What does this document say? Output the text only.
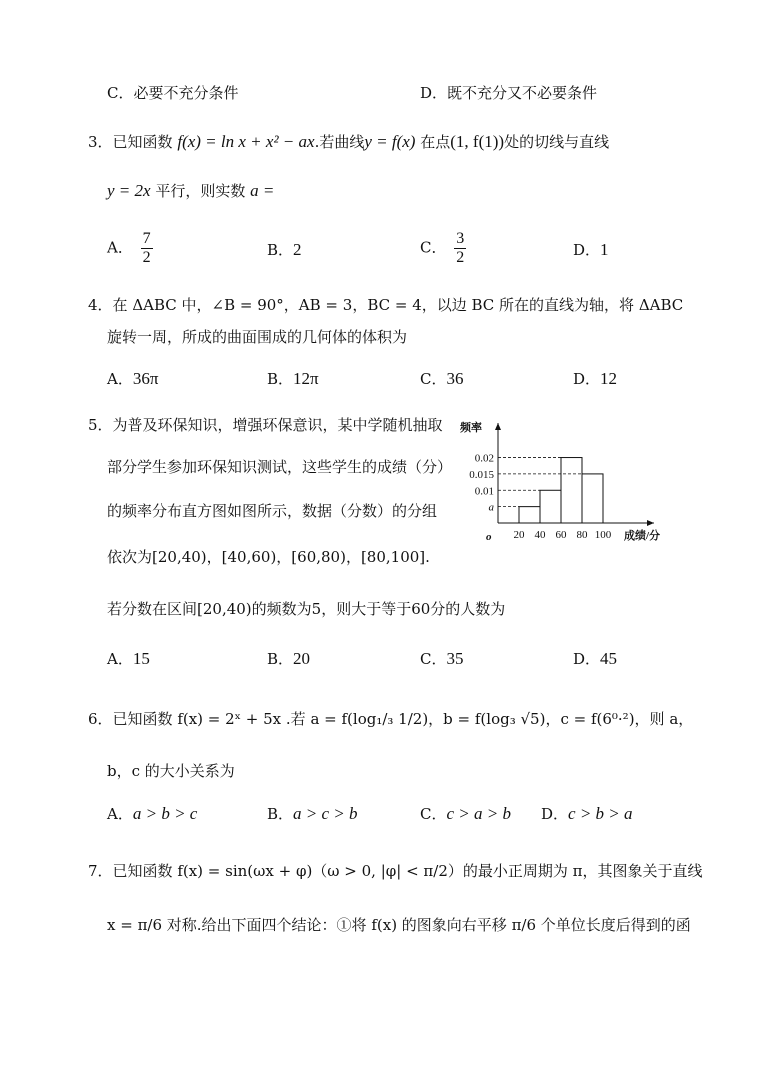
C．必要不充分条件	D．既不充分又不必要条件
3．已知函数 f(x) = ln x + x² − ax.若曲线y = f(x) 在点(1, f(1))处的切线与直线
y = 2x 平行，则实数 a =
A． $\frac{7}{2}$	B．2	C． $\frac{3}{2}$	D．1
4．在 ΔABC 中，∠B = 90°，AB = 3，BC = 4，以边 BC 所在的直线为轴，将 ΔABC
旋转一周，所成的曲面围成的几何体的体积为
A．36π	B．12π	C．36	D．12
5．为普及环保知识，增强环保意识，某中学随机抽取
部分学生参加环保知识测试，这些学生的成绩（分）
的频率分布直方图如图所示，数据（分数）的分组
依次为[20,40)，[40,60)，[60,80)，[80,100].
若分数在区间[20,40)的频数为5，则大于等于60分的人数为
A．15	B．20	C．35	D．45
a
0.01
0.02
0.015
20 40 60 80 100
o
频率
成绩/分
6．已知函数 f(x) = 2ˣ + 5x .若 a = f(log₁/₃ 1/2)，b = f(log₃ √5)，c = f(6⁰·²)，则 a，
b，c 的大小关系为
A．a > b > c	B．a > c > b	C．c > a > b D．c > b > a
7．已知函数 f(x) = sin(ωx + φ)（ω > 0, |φ| < π/2）的最小正周期为 π，其图象关于直线
x = π/6 对称.给出下面四个结论：①将 f(x) 的图象向右平移 π/6 个单位长度后得到的函
